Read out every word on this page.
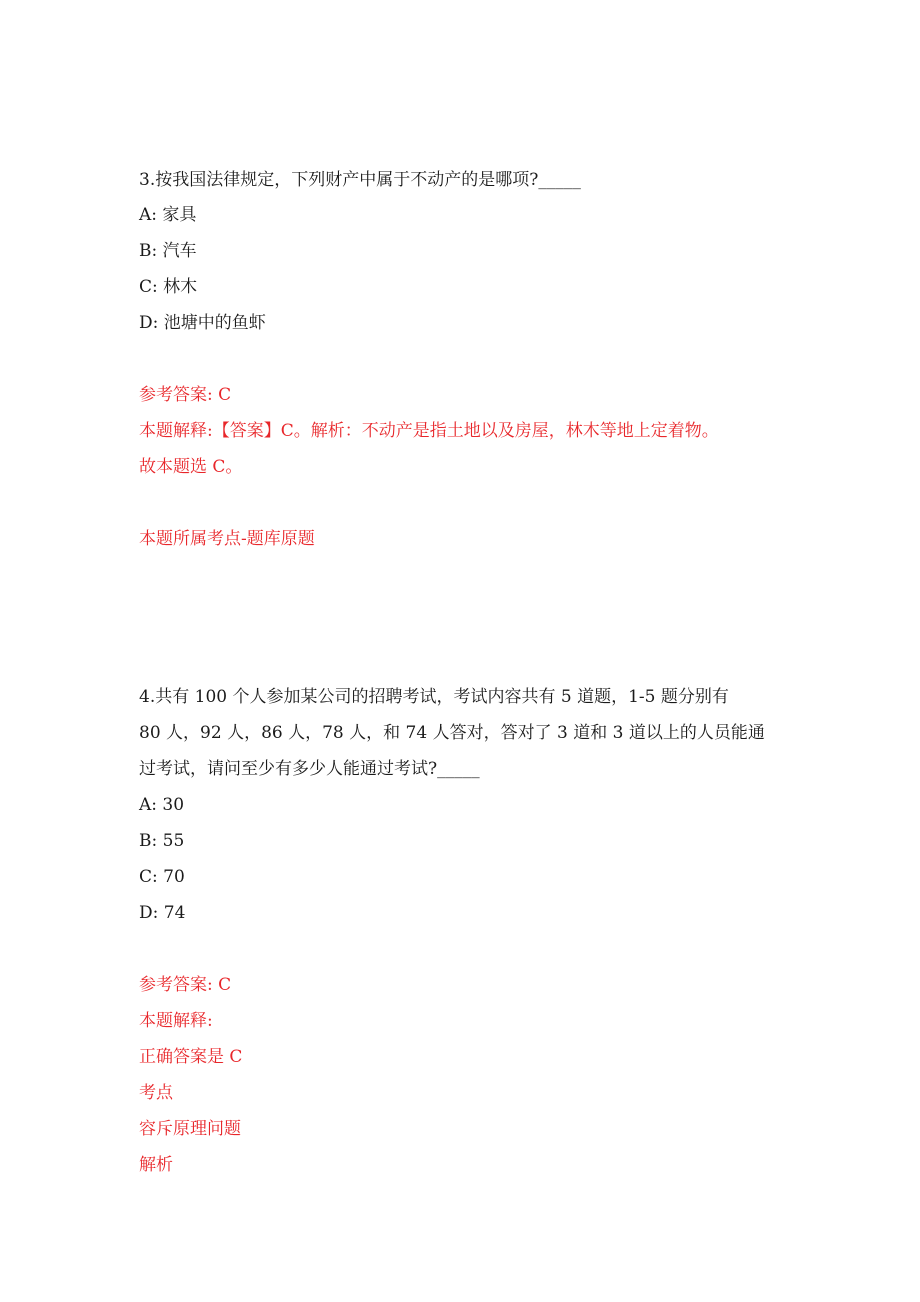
3.按我国法律规定，下列财产中属于不动产的是哪项?_____
A: 家具
B: 汽车
C: 林木
D: 池塘中的鱼虾
参考答案: C
本题解释:【答案】C。解析：不动产是指土地以及房屋，林木等地上定着物。
故本题选 C。
本题所属考点-题库原题
4.共有 100 个人参加某公司的招聘考试，考试内容共有 5 道题，1-5 题分别有
80 人，92 人，86 人，78 人，和 74 人答对，答对了 3 道和 3 道以上的人员能通
过考试，请问至少有多少人能通过考试?_____
A: 30
B: 55
C: 70
D: 74
参考答案: C
本题解释:
正确答案是 C
考点
容斥原理问题
解析
